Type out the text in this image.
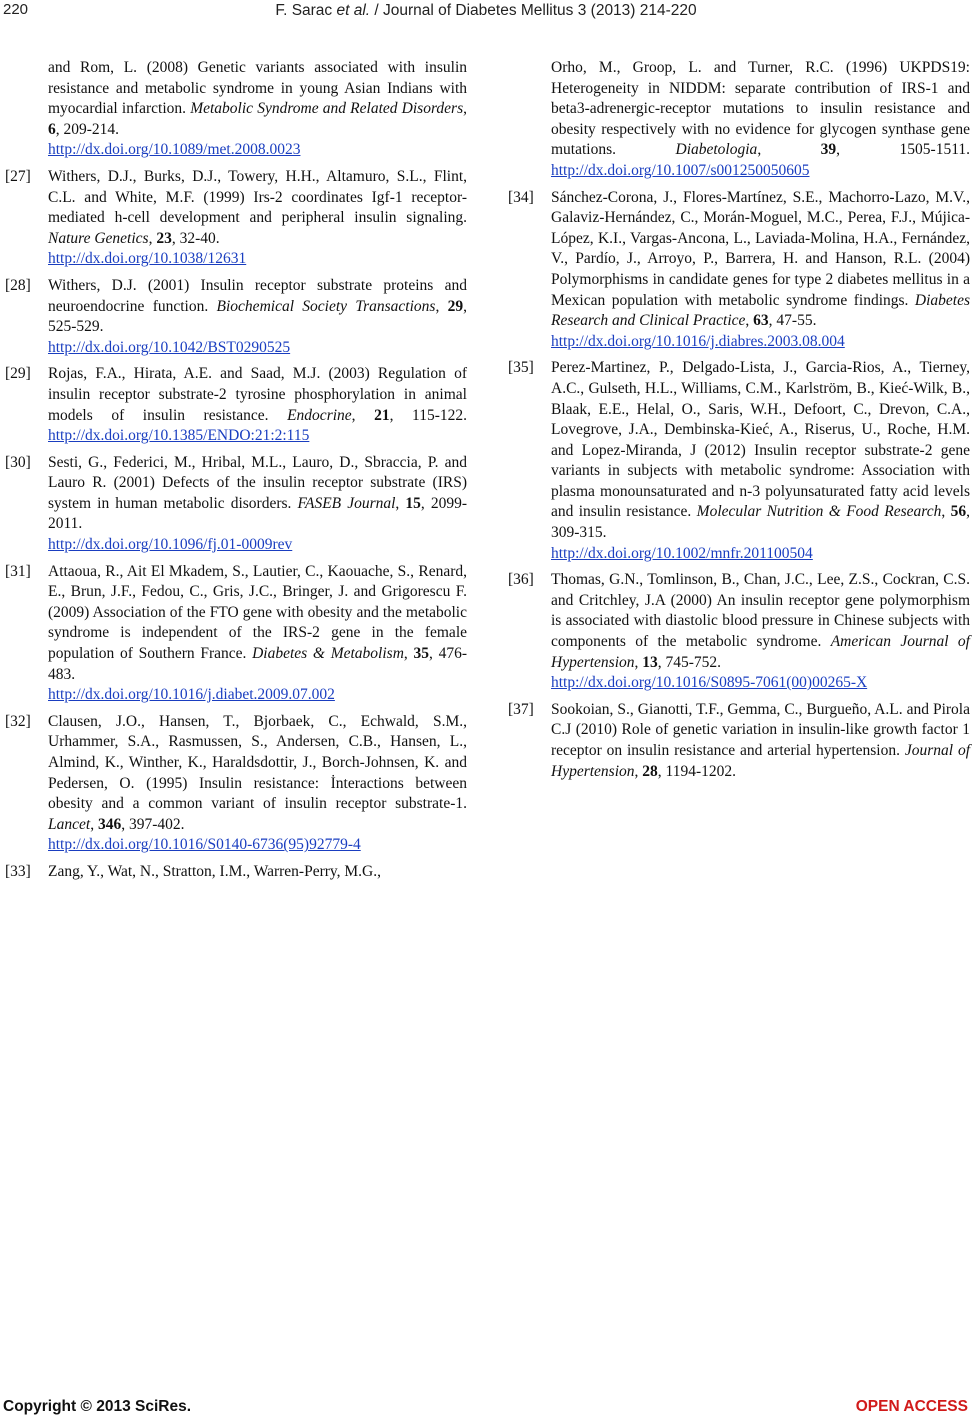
220	F. Sarac et al. / Journal of Diabetes Mellitus 3 (2013) 214-220
and Rom, L. (2008) Genetic variants associated with insulin resistance and metabolic syndrome in young Asian Indians with myocardial infarction. Metabolic Syndrome and Related Disorders, 6, 209-214.
http://dx.doi.org/10.1089/met.2008.0023
[27] Withers, D.J., Burks, D.J., Towery, H.H., Altamuro, S.L., Flint, C.L. and White, M.F. (1999) Irs-2 coordinates Igf-1 receptor-mediated h-cell development and peripheral insulin signaling. Nature Genetics, 23, 32-40.
http://dx.doi.org/10.1038/12631
[28] Withers, D.J. (2001) Insulin receptor substrate proteins and neuroendocrine function. Biochemical Society Transactions, 29, 525-529.
http://dx.doi.org/10.1042/BST0290525
[29] Rojas, F.A., Hirata, A.E. and Saad, M.J. (2003) Regulation of insulin receptor substrate-2 tyrosine phosphorylation in animal models of insulin resistance. Endocrine, 21, 115-122. http://dx.doi.org/10.1385/ENDO:21:2:115
[30] Sesti, G., Federici, M., Hribal, M.L., Lauro, D., Sbraccia, P. and Lauro R. (2001) Defects of the insulin receptor substrate (IRS) system in human metabolic disorders. FASEB Journal, 15, 2099-2011.
http://dx.doi.org/10.1096/fj.01-0009rev
[31] Attaoua, R., Ait El Mkadem, S., Lautier, C., Kaouache, S., Renard, E., Brun, J.F., Fedou, C., Gris, J.C., Bringer, J. and Grigorescu F. (2009) Association of the FTO gene with obesity and the metabolic syndrome is independent of the IRS-2 gene in the female population of Southern France. Diabetes & Metabolism, 35, 476-483.
http://dx.doi.org/10.1016/j.diabet.2009.07.002
[32] Clausen, J.O., Hansen, T., Bjorbaek, C., Echwald, S.M., Urhammer, S.A., Rasmussen, S., Andersen, C.B., Hansen, L., Almind, K., Winther, K., Haraldsdottir, J., Borch-Johnsen, K. and Pedersen, O. (1995) Insulin resistance: İnteractions between obesity and a common variant of insulin receptor substrate-1. Lancet, 346, 397-402.
http://dx.doi.org/10.1016/S0140-6736(95)92779-4
[33] Zang, Y., Wat, N., Stratton, I.M., Warren-Perry, M.G.,
Orho, M., Groop, L. and Turner, R.C. (1996) UKPDS19: Heterogeneity in NIDDM: separate contribution of IRS-1 and beta3-adrenergic-receptor mutations to insulin resistance and obesity respectively with no evidence for glycogen synthase gene mutations. Diabetologia, 39, 1505-1511. http://dx.doi.org/10.1007/s001250050605
[34] Sánchez-Corona, J., Flores-Martínez, S.E., Machorro-Lazo, M.V., Galaviz-Hernández, C., Morán-Moguel, M.C., Perea, F.J., Mújica-López, K.I., Vargas-Ancona, L., Laviada-Molina, H.A., Fernández, V., Pardío, J., Arroyo, P., Barrera, H. and Hanson, R.L. (2004) Polymorphisms in candidate genes for type 2 diabetes mellitus in a Mexican population with metabolic syndrome findings. Diabetes Research and Clinical Practice, 63, 47-55.
http://dx.doi.org/10.1016/j.diabres.2003.08.004
[35] Perez-Martinez, P., Delgado-Lista, J., Garcia-Rios, A., Tierney, A.C., Gulseth, H.L., Williams, C.M., Karlström, B., Kieć-Wilk, B., Blaak, E.E., Helal, O., Saris, W.H., Defoort, C., Drevon, C.A., Lovegrove, J.A., Dembinska-Kieć, A., Riserus, U., Roche, H.M. and Lopez-Miranda, J (2012) Insulin receptor substrate-2 gene variants in subjects with metabolic syndrome: Association with plasma monounsaturated and n-3 polyunsaturated fatty acid levels and insulin resistance. Molecular Nutrition & Food Research, 56, 309-315.
http://dx.doi.org/10.1002/mnfr.201100504
[36] Thomas, G.N., Tomlinson, B., Chan, J.C., Lee, Z.S., Cockran, C.S. and Critchley, J.A (2000) An insulin receptor gene polymorphism is associated with diastolic blood pressure in Chinese subjects with components of the metabolic syndrome. American Journal of Hypertension, 13, 745-752.
http://dx.doi.org/10.1016/S0895-7061(00)00265-X
[37] Sookoian, S., Gianotti, T.F., Gemma, C., Burgueño, A.L. and Pirola C.J (2010) Role of genetic variation in insulin-like growth factor 1 receptor on insulin resistance and arterial hypertension. Journal of Hypertension, 28, 1194-1202.
Copyright © 2013 SciRes.	OPEN ACCESS
